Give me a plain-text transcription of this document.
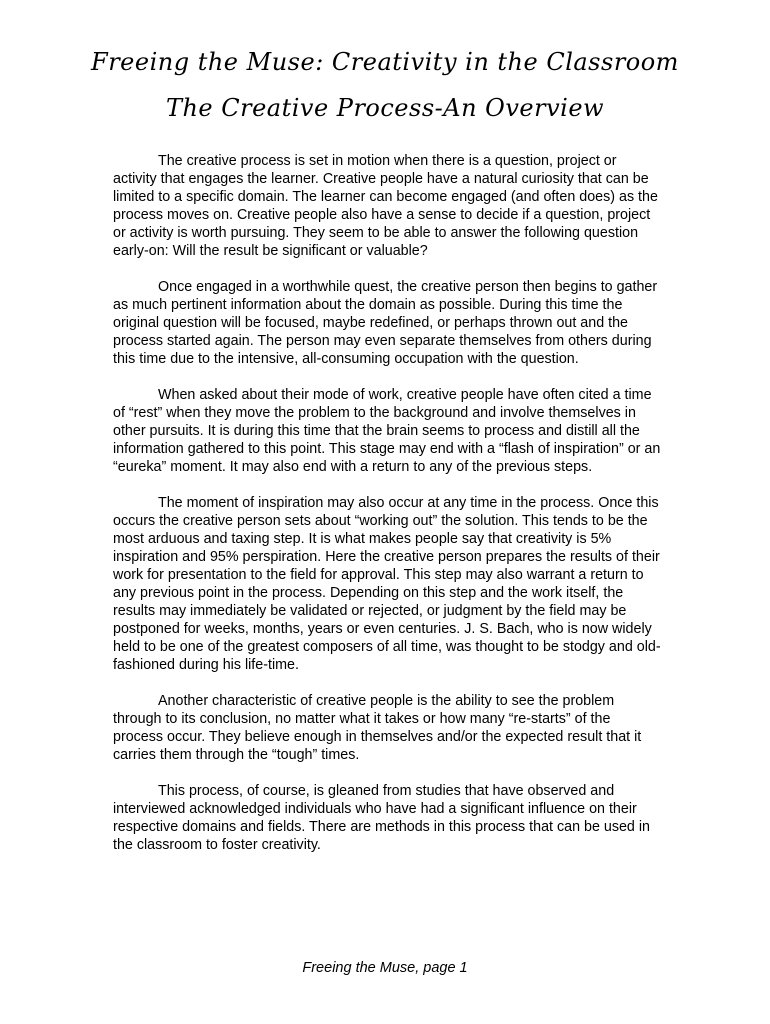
Freeing the Muse: Creativity in the Classroom
The Creative Process-An Overview

The creative process is set in motion when there is a question, project or activity that engages the learner. Creative people have a natural curiosity that can be limited to a specific domain. The learner can become engaged (and often does) as the process moves on. Creative people also have a sense to decide if a question, project or activity is worth pursuing. They seem to be able to answer the following question early-on: Will the result be significant or valuable?

Once engaged in a worthwhile quest, the creative person then begins to gather as much pertinent information about the domain as possible. During this time the original question will be focused, maybe redefined, or perhaps thrown out and the process started again. The person may even separate themselves from others during this time due to the intensive, all-consuming occupation with the question.

When asked about their mode of work, creative people have often cited a time of “rest” when they move the problem to the background and involve themselves in other pursuits. It is during this time that the brain seems to process and distill all the information gathered to this point. This stage may end with a “flash of inspiration” or an “eureka” moment. It may also end with a return to any of the previous steps.

The moment of inspiration may also occur at any time in the process. Once this occurs the creative person sets about “working out” the solution. This tends to be the most arduous and taxing step. It is what makes people say that creativity is 5% inspiration and 95% perspiration. Here the creative person prepares the results of their work for presentation to the field for approval. This step may also warrant a return to any previous point in the process. Depending on this step and the work itself, the results may immediately be validated or rejected, or judgment by the field may be postponed for weeks, months, years or even centuries. J. S. Bach, who is now widely held to be one of the greatest composers of all time, was thought to be stodgy and old-fashioned during his life-time.

Another characteristic of creative people is the ability to see the problem through to its conclusion, no matter what it takes or how many “re-starts” of the process occur. They believe enough in themselves and/or the expected result that it carries them through the “tough” times.

This process, of course, is gleaned from studies that have observed and interviewed acknowledged individuals who have had a significant influence on their respective domains and fields. There are methods in this process that can be used in the classroom to foster creativity.

Freeing the Muse, page 1
